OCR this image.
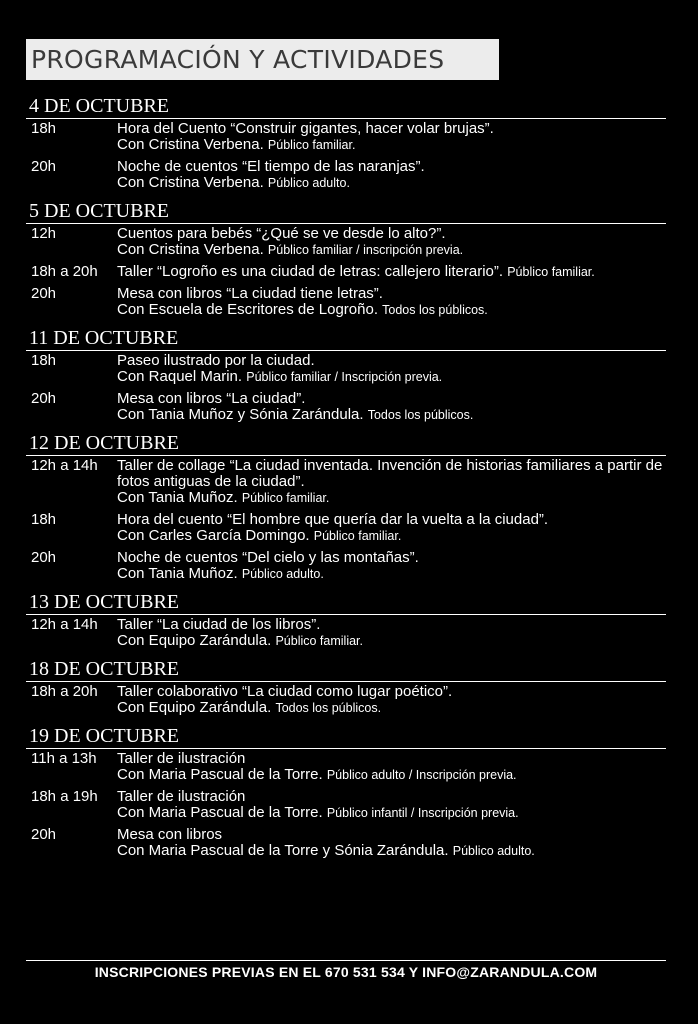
PROGRAMACIÓN Y ACTIVIDADES
4 DE OCTUBRE
18h	Hora del Cuento “Construir gigantes, hacer volar brujas”.
Con Cristina Verbena. Público familiar.
20h	Noche de cuentos “El tiempo de las naranjas”.
Con Cristina Verbena. Público adulto.
5 DE OCTUBRE
12h	Cuentos para bebés “¿Qué se ve desde lo alto?”.
Con Cristina Verbena. Público familiar / inscripción previa.
18h a 20h	Taller “Logroño es una ciudad de letras: callejero literario”. Público familiar.
20h	Mesa con libros “La ciudad tiene letras”.
Con Escuela de Escritores de Logroño. Todos los públicos.
11 DE OCTUBRE
18h	Paseo ilustrado por la ciudad.
Con Raquel Marin. Público familiar / Inscripción previa.
20h	Mesa con libros “La ciudad”.
Con Tania Muñoz y Sónia Zarándula. Todos los públicos.
12 DE OCTUBRE
12h a 14h	Taller de collage “La ciudad inventada. Invención de historias familiares a partir de fotos antiguas de la ciudad”.
Con Tania Muñoz. Público familiar.
18h	Hora del cuento “El hombre que quería dar la vuelta a la ciudad”.
Con Carles García Domingo. Público familiar.
20h	Noche de cuentos “Del cielo y las montañas”.
Con Tania Muñoz. Público adulto.
13 DE OCTUBRE
12h a 14h	Taller “La ciudad de los libros”.
Con Equipo Zarándula. Público familiar.
18 DE OCTUBRE
18h a 20h	Taller colaborativo “La ciudad como lugar poético”.
Con Equipo Zarándula. Todos los públicos.
19 DE OCTUBRE
11h a 13h	Taller de ilustración
Con Maria Pascual de la Torre. Público adulto / Inscripción previa.
18h a 19h	Taller de ilustración
Con Maria Pascual de la Torre. Público infantil / Inscripción previa.
20h	Mesa con libros
Con Maria Pascual de la Torre y Sónia Zarándula. Público adulto.
INSCRIPCIONES PREVIAS EN EL 670 531 534 Y INFO@ZARANDULA.COM
